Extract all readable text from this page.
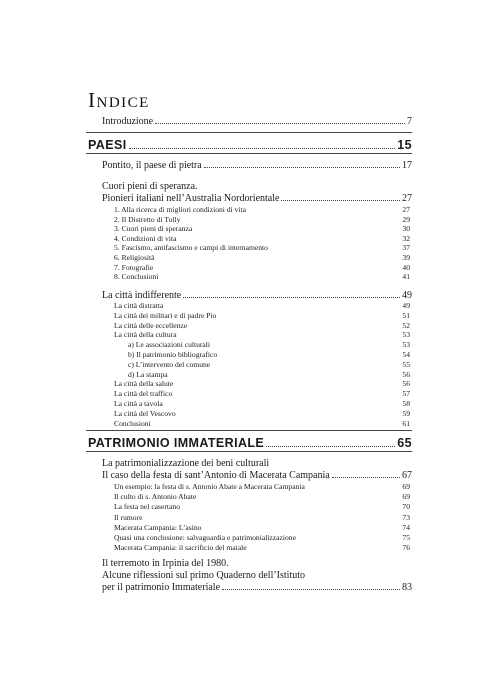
Indice
Introduzione	7
PAESI	15
Pontito, il paese di pietra	17
Cuori pieni di speranza.
Pionieri italiani nell’Australia Nordorientale	27
1. Alla ricerca di migliori condizioni di vita	27
2. Il Distretto di Tully	29
3. Cuori pieni di speranza	30
4. Condizioni di vita	32
5. Fascismo, antifascismo e campi di internamento	37
6. Religiosità	39
7. Fotografie	40
8. Conclusioni	41
La città indifferente	49
La città distratta	49
La città dei militari e di padre Pio	51
La città delle eccellenze	52
La città della cultura	53
a) Le associazioni culturali	53
b) Il patrimonio bibliografico	54
c) L’intervento del comune	55
d) La stampa	56
La città della salute	56
La città del traffico	57
La città a tavola	58
La città del Vescovo	59
Conclusioni	61
PATRIMONIO IMMATERIALE	65
La patrimonializzazione dei beni culturali
Il caso della festa di sant’Antonio di Macerata Campania	67
Un esempio: la festa di s. Antonio Abate a Macerata Campania	69
Il culto di s. Antonio Abate	69
La festa nel casertano	70
Il rumore	73
Macerata Campania: L’asino	74
Quasi una conclusione: salvaguardia e patrimonializzazione	75
Macerata Campania: il sacrificio del maiale	76
Il terremoto in Irpinia del 1980.
Alcune riflessioni sul primo Quaderno dell’Istituto
per il patrimonio Immateriale	83
